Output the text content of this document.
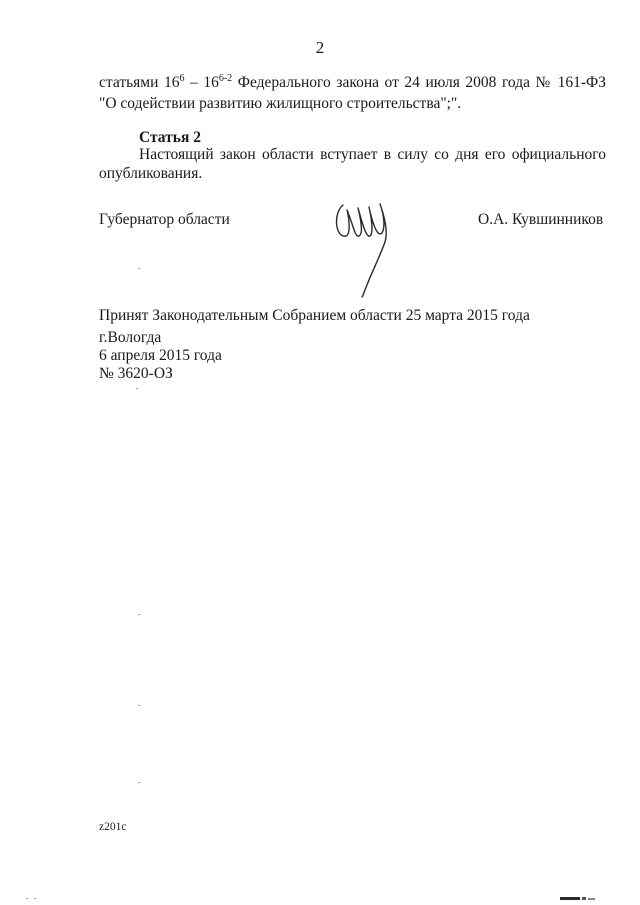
2
статьями $16^6 - 16^{6-2}$ Федерального закона от 24 июля 2008 года № 161-ФЗ
"О содействии развитию жилищного строительства";".
Статья 2
Настоящий закон области вступает в силу со дня его официального
опубликования.
Губернатор области	О.А. Кувшинников
Принят Законодательным Собранием области 25 марта 2015 года
г.Вологда
6 апреля 2015 года
№ 3620-ОЗ
z201c
